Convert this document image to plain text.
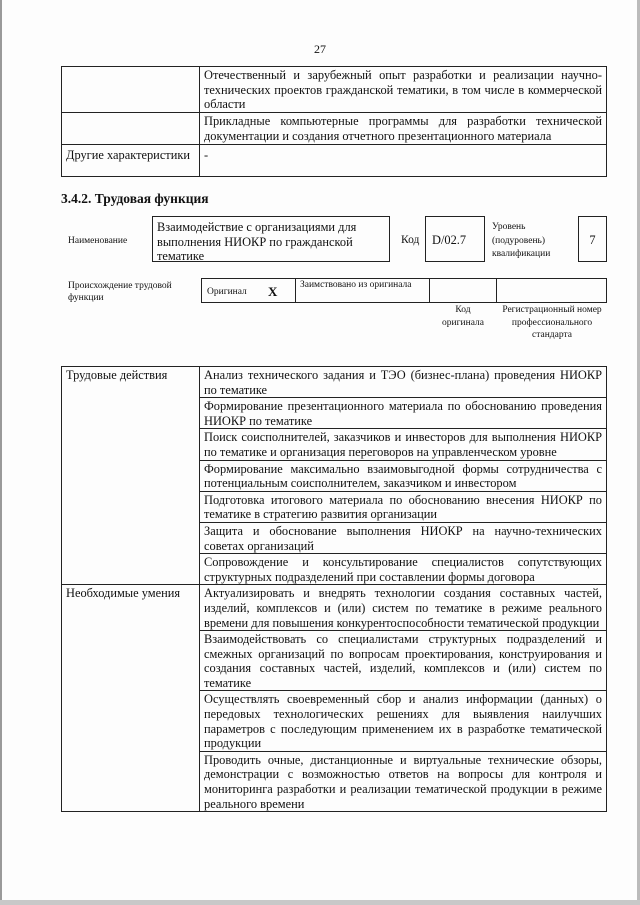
27
	Отечественный и зарубежный опыт разработки и реализации научно-технических проектов гражданской тематики, в том числе в коммерческой области
	Прикладные компьютерные программы для разработки технической документации и создания отчетного презентационного материала
Другие характеристики	-
3.4.2. Трудовая функция
Наименование
Взаимодействие с организациями для выполнения НИОКР по гражданской тематике
Код	D/02.7
Уровень (подуровень) квалификации
7
Происхождение трудовой функции
Оригинал X	Заимствовано из оригинала
Код оригинала
Регистрационный номер профессионального стандарта
Трудовые действия	Анализ технического задания и ТЭО (бизнес-плана) проведения НИОКР по тематике
	Формирование презентационного материала по обоснованию проведения НИОКР по тематике
	Поиск соисполнителей, заказчиков и инвесторов для выполнения НИОКР по тематике и организация переговоров на управленческом уровне
	Формирование максимально взаимовыгодной формы сотрудничества с потенциальным соисполнителем, заказчиком и инвестором
	Подготовка итогового материала по обоснованию внесения НИОКР по тематике в стратегию развития организации
	Защита и обоснование выполнения НИОКР на научно-технических советах организаций
	Сопровождение и консультирование специалистов сопутствующих структурных подразделений при составлении формы договора
Необходимые умения	Актуализировать и внедрять технологии создания составных частей, изделий, комплексов и (или) систем по тематике в режиме реального времени для повышения конкурентоспособности тематической продукции
	Взаимодействовать со специалистами структурных подразделений и смежных организаций по вопросам проектирования, конструирования и создания составных частей, изделий, комплексов и (или) систем по тематике
	Осуществлять своевременный сбор и анализ информации (данных) о передовых технологических решениях для выявления наилучших параметров с последующим применением их в разработке тематической продукции
	Проводить очные, дистанционные и виртуальные технические обзоры, демонстрации с возможностью ответов на вопросы для контроля и мониторинга разработки и реализации тематической продукции в режиме реального времени
